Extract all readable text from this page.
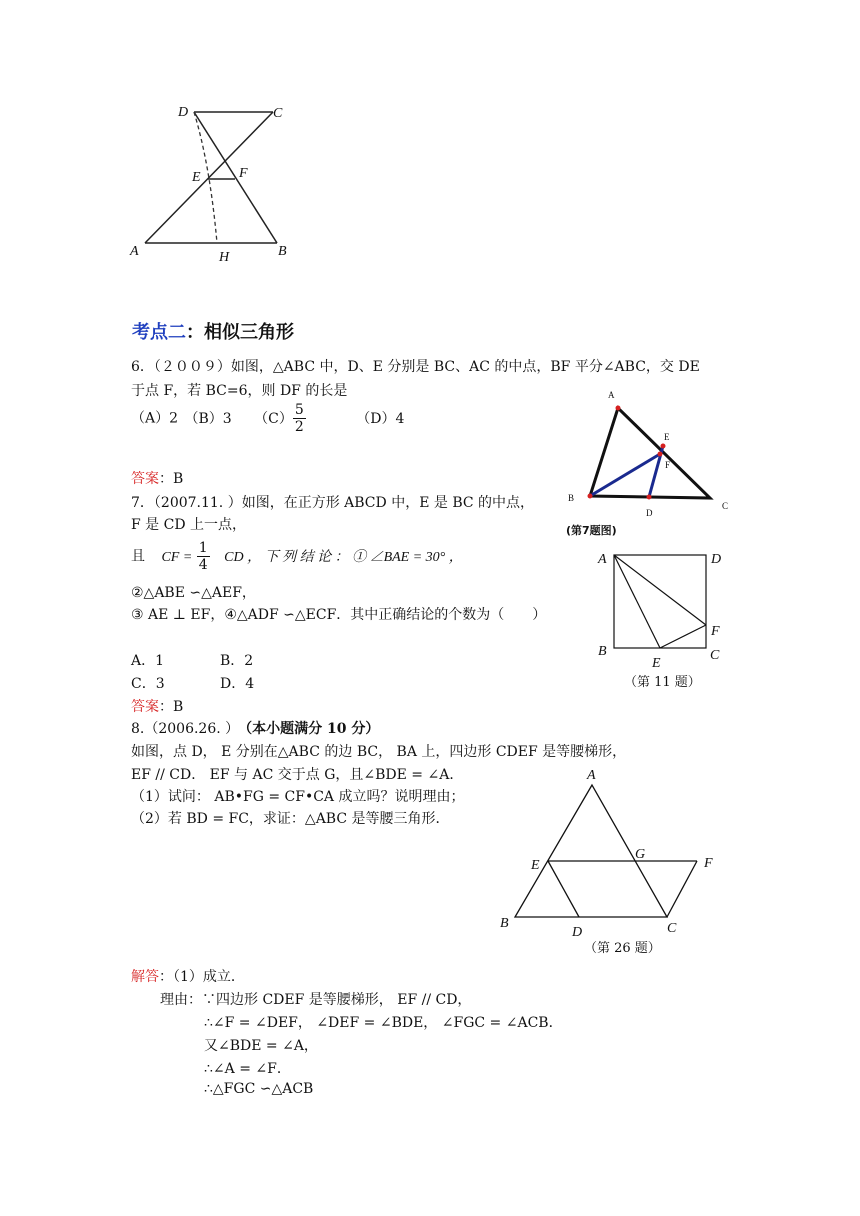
D	C
E	F
A	H	B
考点二：相似三角形
6．（２００９）如图，△ABC 中，D、E 分别是 BC、AC 的中点，BF 平分∠ABC，交 DE
于点 F，若 BC=6，则 DF 的长是
（A）2 （B）3 $(C) \frac{5}{2}$	（D）4
答案：B
A
E
F
B
D
C
(第7题图)
7．（2007.11. ）如图，在正方形 ABCD 中，E 是 BC 的中点，
F 是 CD 上一点，
且 CF = $\frac{1}{4}$ CD ， 下 列 结 论 ： ① ∠BAE = 30° ，
②△ABE ∽△AEF，
③ AE ⊥ EF，④△ADF ∽△ECF．其中正确结论的个数为（　　）
A．1	B．2
C．3	D．4
答案：B
A	D
F
B	C
E
（第 11 题）
8.（2006.26. ） （本小题满分 10 分）
如图，点 D， E 分别在△ABC 的边 BC， BA 上，四边形 CDEF 是等腰梯形，
EF // CD． EF 与 AC 交于点 G，且∠BDE = ∠A．
（1）试问： AB•FG = CF•CA 成立吗？说明理由；
（2）若 BD = FC，求证：△ABC 是等腰三角形．
A
E
G
F
B
D	C
（第 26 题）
解答：（1）成立．
理由：∵四边形 CDEF 是等腰梯形， EF // CD，
∴∠F = ∠DEF， ∠DEF = ∠BDE， ∠FGC = ∠ACB．
又∠BDE = ∠A，
∴∠A = ∠F．
∴△FGC ∽△ACB
